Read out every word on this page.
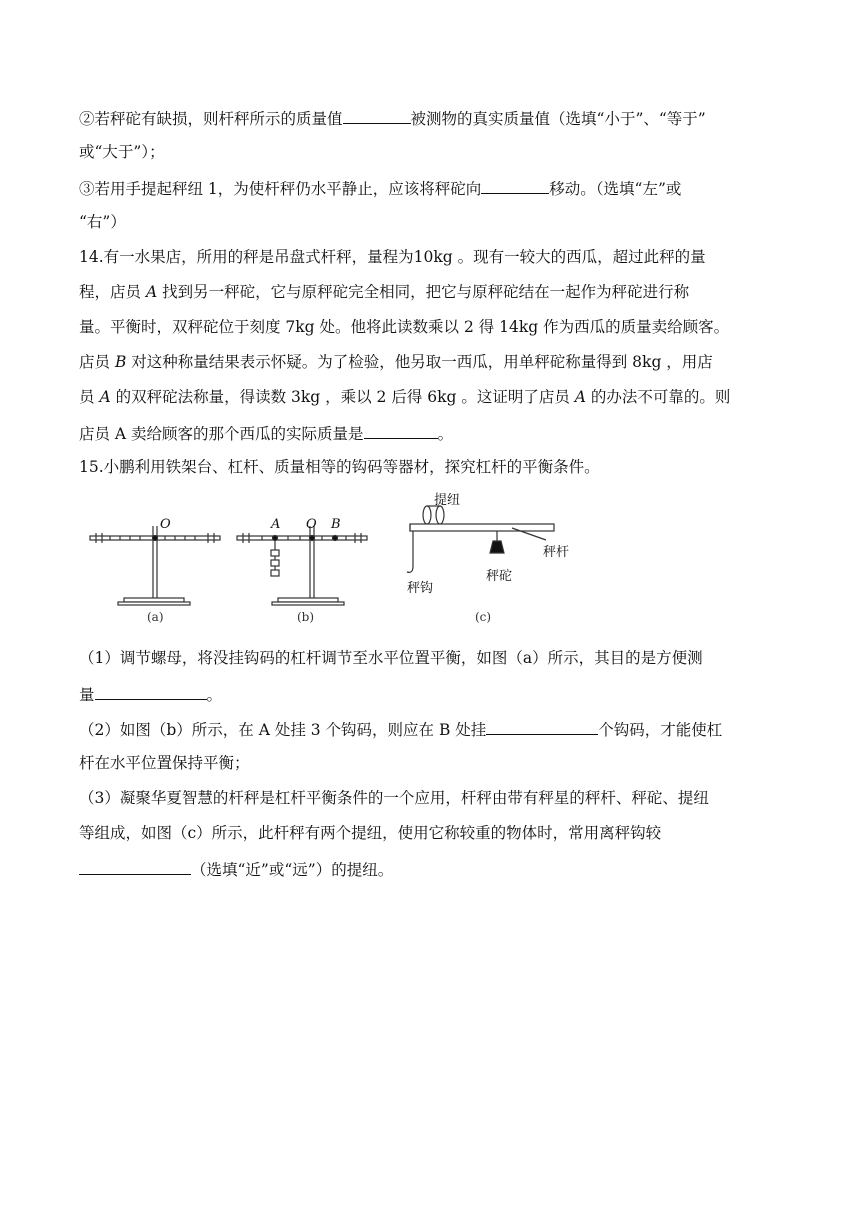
②若秤砣有缺损，则杆秤所示的质量值	被测物的真实质量值（选填“小于”、“等于”
或“大于”）；
③若用手提起秤纽 1，为使杆秤仍水平静止，应该将秤砣向	移动。（选填“左”或
“右”）
14.有一水果店，所用的秤是吊盘式杆秤，量程为10kg 。现有一较大的西瓜，超过此秤的量
程，店员 A 找到另一秤砣，它与原秤砣完全相同，把它与原秤砣结在一起作为秤砣进行称
量。平衡时，双秤砣位于刻度 7kg 处。他将此读数乘以 2 得 14kg 作为西瓜的质量卖给顾客。
店员 B 对这种称量结果表示怀疑。为了检验，他另取一西瓜，用单秤砣称量得到 8kg ，用店
员 A 的双秤砣法称量，得读数 3kg ，乘以 2 后得 6kg 。这证明了店员 A 的办法不可靠的。则
店员 A 卖给顾客的那个西瓜的实际质量是	。
15.小鹏利用铁架台、杠杆、质量相等的钩码等器材，探究杠杆的平衡条件。
O	A O B
提纽
秤杆
秤砣
秤钩
(a)	(b)	(c)
（1）调节螺母，将没挂钩码的杠杆调节至水平位置平衡，如图（a）所示，其目的是方便测
量	。
（2）如图（b）所示，在 A 处挂 3 个钩码，则应在 B 处挂	个钩码，才能使杠
杆在水平位置保持平衡；
（3）凝聚华夏智慧的杆秤是杠杆平衡条件的一个应用，杆秤由带有秤星的秤杆、秤砣、提纽
等组成，如图（c）所示，此杆秤有两个提纽，使用它称较重的物体时，常用离秤钩较
（选填“近”或“远”）的提纽。
